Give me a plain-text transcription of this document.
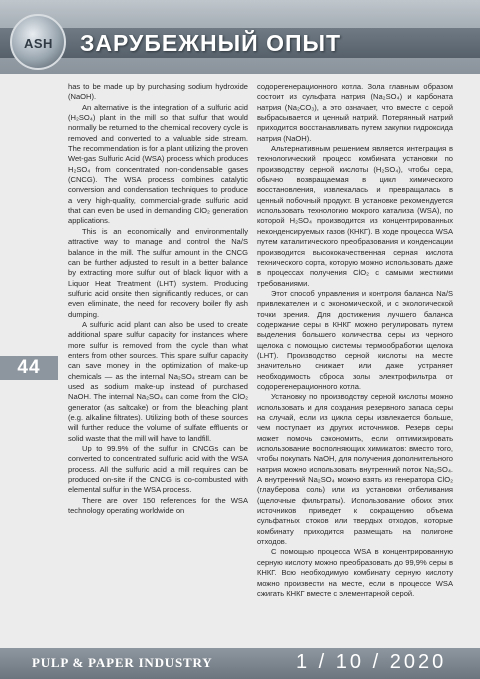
ASH ЗАРУБЕЖНЫЙ ОПЫТ
44

has to be made up by purchasing sodium hydroxide (NaOH).

An alternative is the integration of a sulfuric acid (H₂SO₄) plant in the mill so that sulfur that would normally be returned to the chemical recovery cycle is removed and converted to a valuable side stream. The recommendation is for a plant utilizing the proven Wet-gas Sulfuric Acid (WSA) process which produces H₂SO₄ from concentrated non-condensable gases (CNCG). The WSA process combines catalytic conversion and condensation techniques to produce a very high-quality, commercial-grade sulfuric acid that can even be used in demanding ClO₂ generation applications.

This is an economically and environmentally attractive way to manage and control the Na/S balance in the mill. The sulfur amount in the CNCG can be further adjusted to result in a better balance by extracting more sulfur out of black liquor with a Liquor Heat Treatment (LHT) system. Producing sulfuric acid onsite then significantly reduces, or can even eliminate, the need for recovery boiler fly ash dumping.

A sulfuric acid plant can also be used to create additional spare sulfur capacity for instances where more sulfur is removed from the cycle than what enters from other sources. This spare sulfur capacity can save money in the optimization of make-up chemicals — as the internal Na₂SO₄ stream can be used as sodium make-up instead of purchased NaOH. The internal Na₂SO₄ can come from the ClO₂ generator (as saltcake) or from the bleaching plant (e.g. alkaline filtrates). Utilizing both of these sources will further reduce the volume of sulfate effluents or solid waste that the mill will have to landfill.

Up to 99.9% of the sulfur in CNCGs can be converted to concentrated sulfuric acid with the WSA process. All the sulfuric acid a mill requires can be produced on-site if the CNCG is co-combusted with elemental sulfur in the WSA process.

There are over 150 references for the WSA technology operating worldwide on

содорегенерационного котла. Зола главным образом состоит из сульфата натрия (Na₂SO₄) и карбоната натрия (Na₂CO₃), а это означает, что вместе с серой выбрасывается и ценный натрий. Потерянный натрий приходится восстанавливать путем закупки гидроксида натрия (NaOH).

Альтернативным решением является интеграция в технологический процесс комбината установки по производству серной кислоты (H₂SO₄), чтобы сера, обычно возвращаемая в цикл химического восстановления, извлекалась и превращалась в ценный побочный продукт. В установке рекомендуется использовать технологию мокрого катализа (WSA), по которой H₂SO₄ производится из концентрированных неконденсируемых газов (КНКГ). В ходе процесса WSA путем каталитического преобразования и конденсации производится высококачественная серная кислота технического сорта, которую можно использовать даже в процессах получения ClO₂ с самыми жесткими требованиями.

Этот способ управления и контроля баланса Na/S привлекателен и с экономической, и с экологической точки зрения. Для достижения лучшего баланса содержание серы в КНКГ можно регулировать путем выделения большего количества серы из черного щелока с помощью системы термообработки щелока (LHT). Производство серной кислоты на месте значительно снижает или даже устраняет необходимость сброса золы электрофильтра от содорегенерационного котла.

Установку по производству серной кислоты можно использовать и для создания резервного запаса серы на случай, если из цикла серы извлекается больше, чем поступает из других источников. Резерв серы может помочь сэкономить, если оптимизировать использование восполняющих химикатов: вместо того, чтобы покупать NaOH, для получения дополнительного натрия можно использовать внутренний поток Na₂SO₄. А внутренний Na₂SO₄ можно взять из генератора ClO₂ (глауберова соль) или из установки отбеливания (щелочные фильтраты). Использование обоих этих источников приведет к сокращению объема сульфатных стоков или твердых отходов, которые комбинату приходится размещать на полигоне отходов.

С помощью процесса WSA в концентрированную серную кислоту можно преобразовать до 99,9% серы в КНКГ. Всю необходимую комбинату серную кислоту можно произвести на месте, если в процессе WSA сжигать КНКГ вместе с элементарной серой.

PULP & PAPER INDUSTRY	1 / 10 / 2020
